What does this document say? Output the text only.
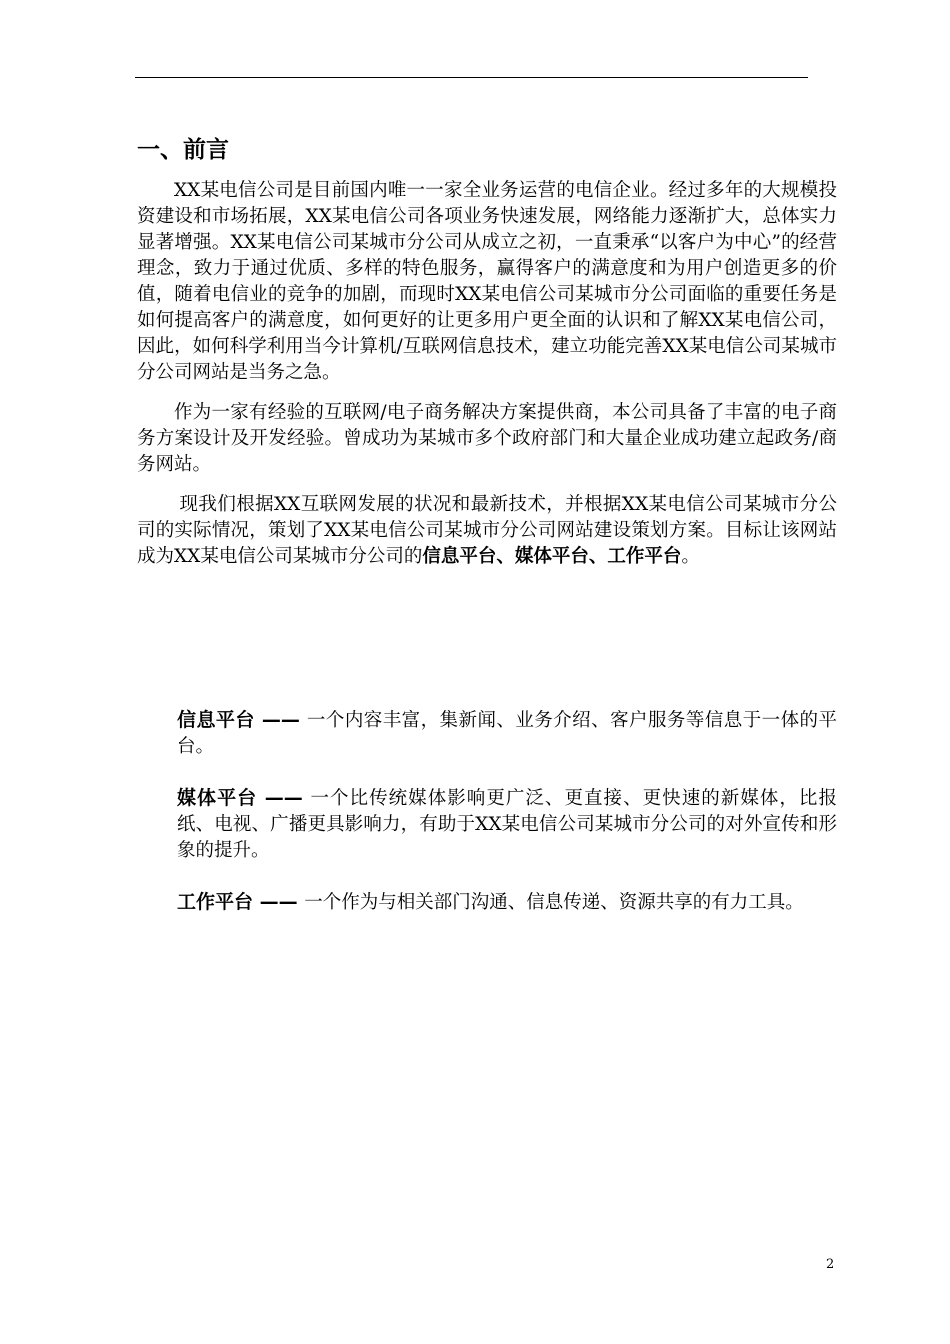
一、前言

XX某电信公司是目前国内唯一一家全业务运营的电信企业。经过多年的大规模投资建设和市场拓展，XX某电信公司各项业务快速发展，网络能力逐渐扩大，总体实力显著增强。XX某电信公司某城市分公司从成立之初，一直秉承“以客户为中心”的经营理念，致力于通过优质、多样的特色服务，赢得客户的满意度和为用户创造更多的价值，随着电信业的竞争的加剧，而现时XX某电信公司某城市分公司面临的重要任务是如何提高客户的满意度，如何更好的让更多用户更全面的认识和了解XX某电信公司，因此，如何科学利用当今计算机/互联网信息技术，建立功能完善XX某电信公司某城市分公司网站是当务之急。

作为一家有经验的互联网/电子商务解决方案提供商，本公司具备了丰富的电子商务方案设计及开发经验。曾成功为某城市多个政府部门和大量企业成功建立起政务/商务网站。

现我们根据XX互联网发展的状况和最新技术，并根据XX某电信公司某城市分公司的实际情况，策划了XX某电信公司某城市分公司网站建设策划方案。目标让该网站成为XX某电信公司某城市分公司的信息平台、媒体平台、工作平台。

信息平台 —— 一个内容丰富，集新闻、业务介绍、客户服务等信息于一体的平台。

媒体平台 —— 一个比传统媒体影响更广泛、更直接、更快速的新媒体，比报纸、电视、广播更具影响力，有助于XX某电信公司某城市分公司的对外宣传和形象的提升。

工作平台 —— 一个作为与相关部门沟通、信息传递、资源共享的有力工具。

2
